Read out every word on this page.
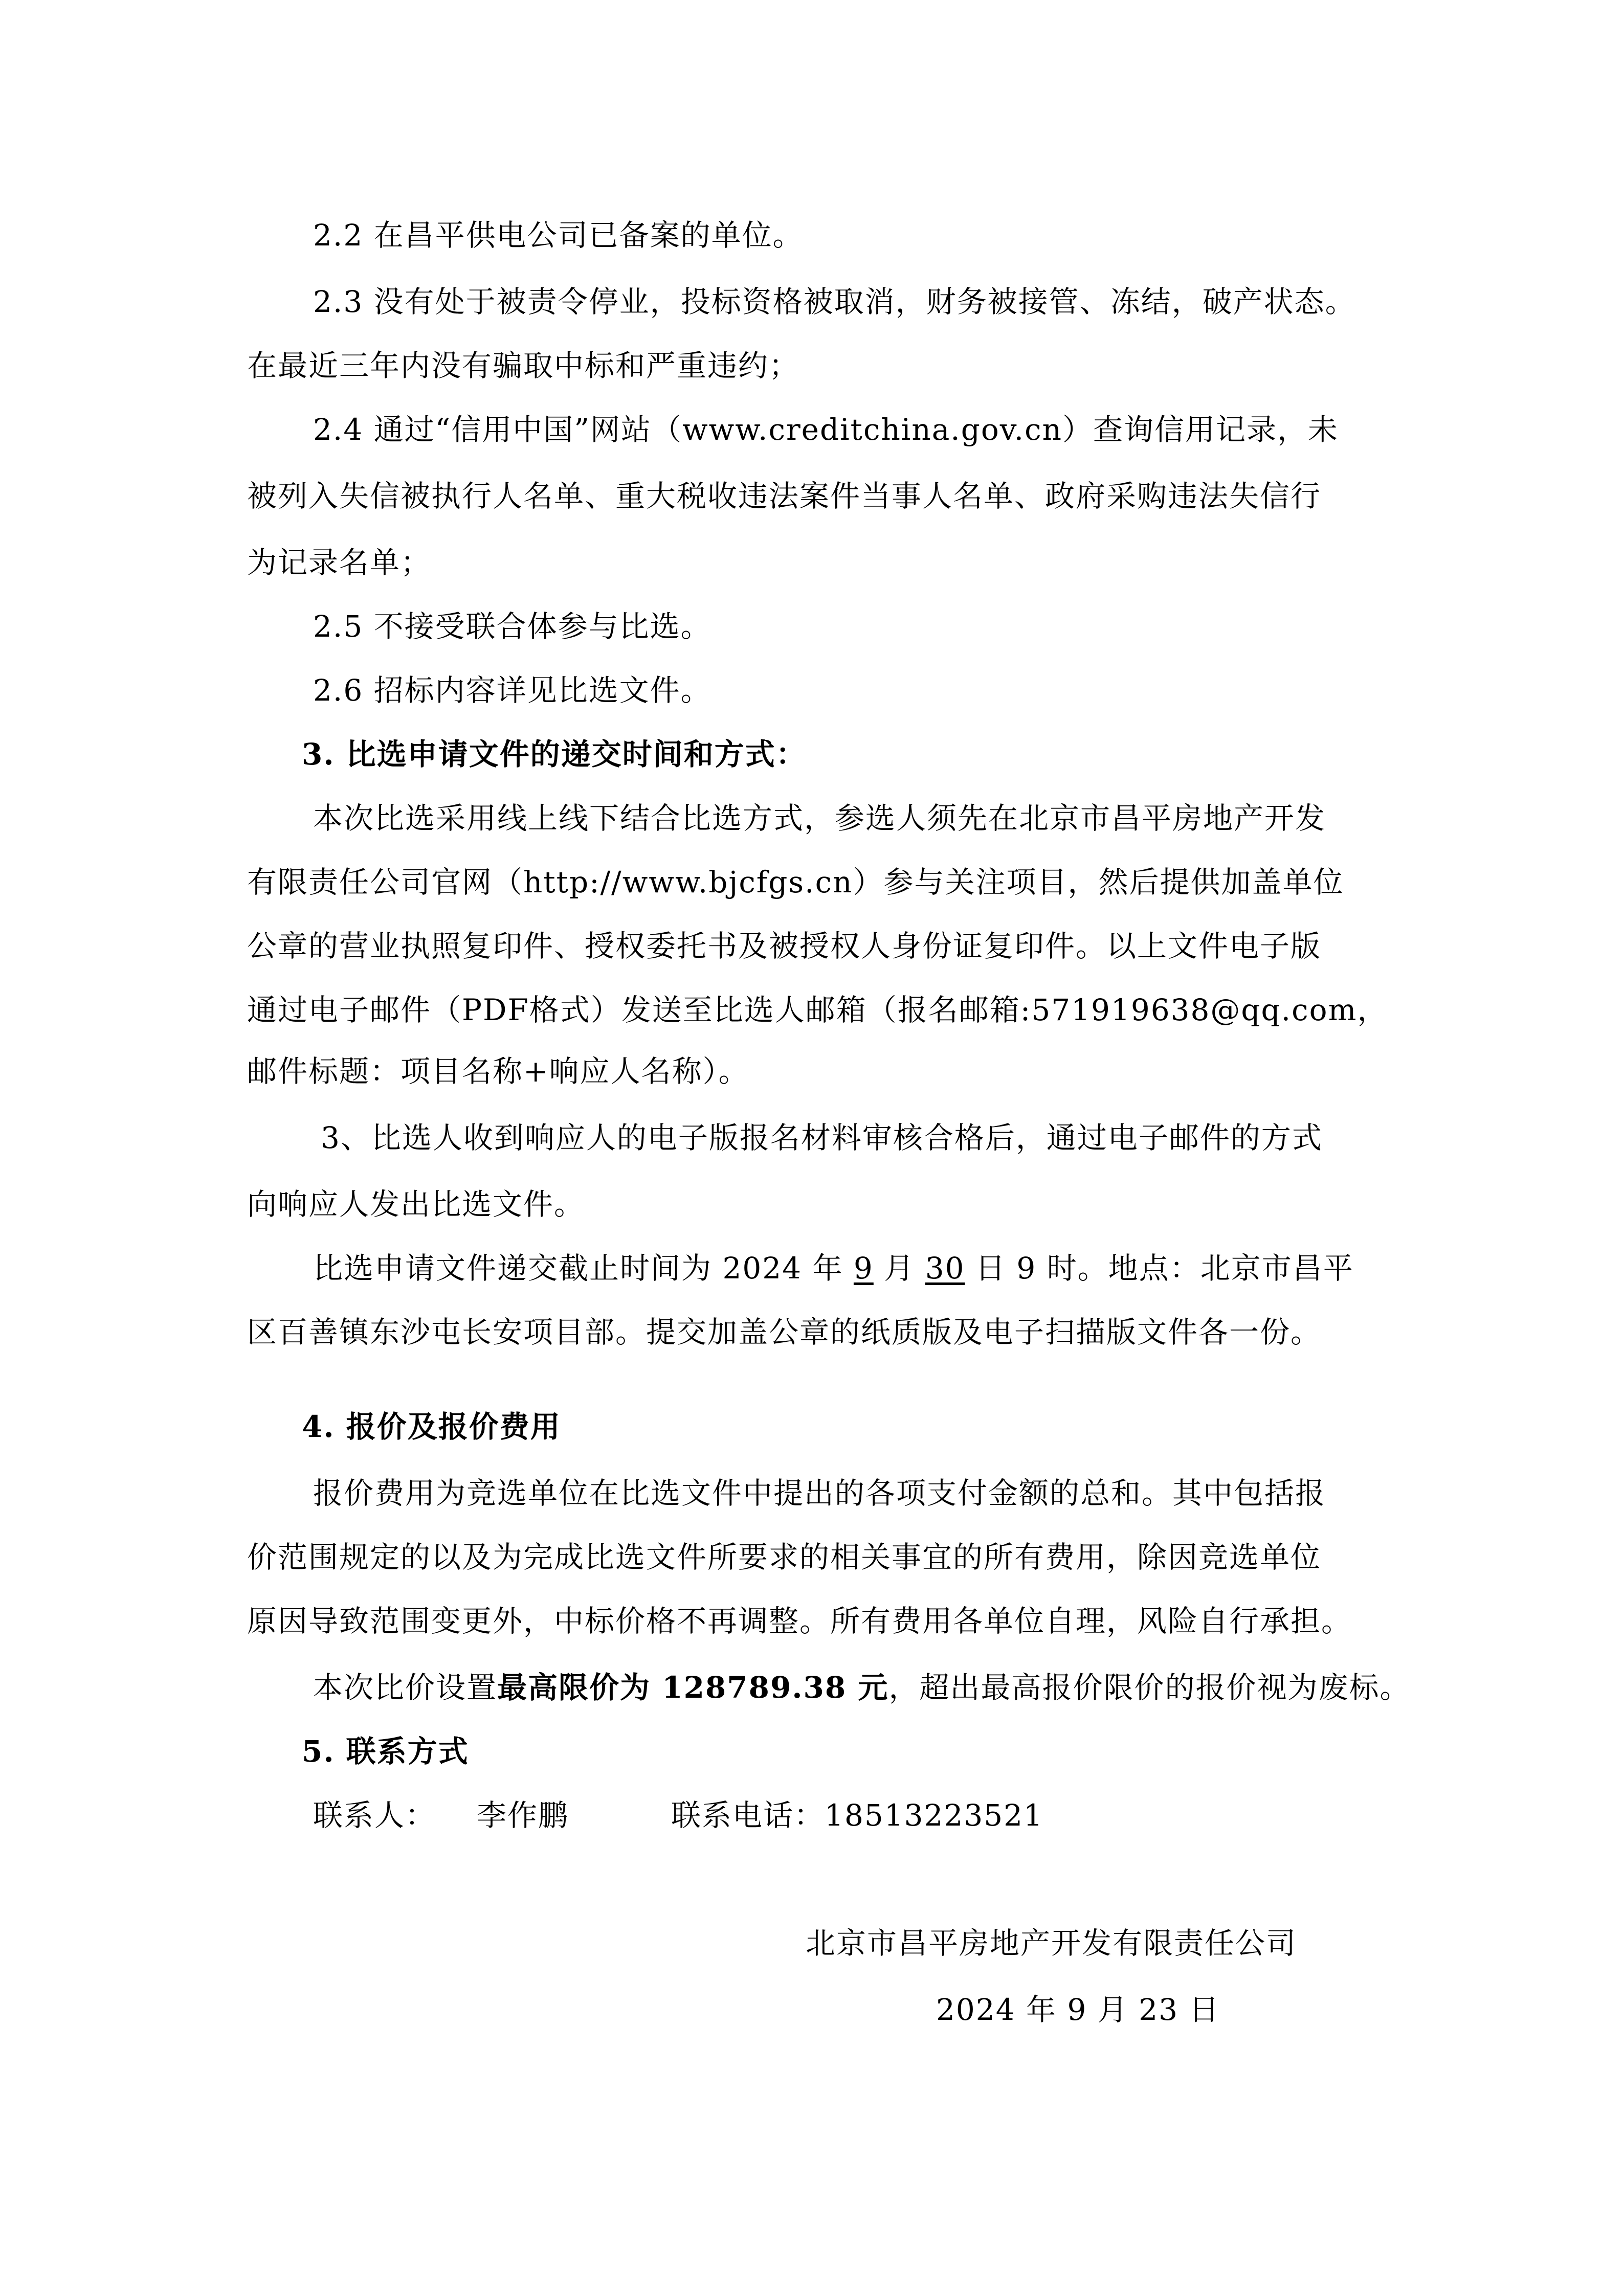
2.2 在昌平供电公司已备案的单位。
2.3 没有处于被责令停业，投标资格被取消，财务被接管、冻结，破产状态。
在最近三年内没有骗取中标和严重违约；
2.4 通过“信用中国”网站（www.creditchina.gov.cn）查询信用记录，未
被列入失信被执行人名单、重大税收违法案件当事人名单、政府采购违法失信行
为记录名单；
2.5 不接受联合体参与比选。
2.6 招标内容详见比选文件。
3. 比选申请文件的递交时间和方式：
本次比选采用线上线下结合比选方式，参选人须先在北京市昌平房地产开发
有限责任公司官网（http://www.bjcfgs.cn）参与关注项目，然后提供加盖单位
公章的营业执照复印件、授权委托书及被授权人身份证复印件。以上文件电子版
通过电子邮件（PDF格式）发送至比选人邮箱（报名邮箱:571919638@qq.com，
邮件标题：项目名称+响应人名称）。
3、比选人收到响应人的电子版报名材料审核合格后，通过电子邮件的方式
向响应人发出比选文件。
比选申请文件递交截止时间为 2024 年 9 月 30 日 9 时。地点：北京市昌平
区百善镇东沙屯长安项目部。提交加盖公章的纸质版及电子扫描版文件各一份。
4. 报价及报价费用
报价费用为竞选单位在比选文件中提出的各项支付金额的总和。其中包括报
价范围规定的以及为完成比选文件所要求的相关事宜的所有费用，除因竞选单位
原因导致范围变更外，中标价格不再调整。所有费用各单位自理，风险自行承担。
本次比价设置最高限价为 128789.38 元，超出最高报价限价的报价视为废标。
5. 联系方式
联系人： 李作鹏	联系电话：18513223521
北京市昌平房地产开发有限责任公司
2024 年 9 月 23 日
